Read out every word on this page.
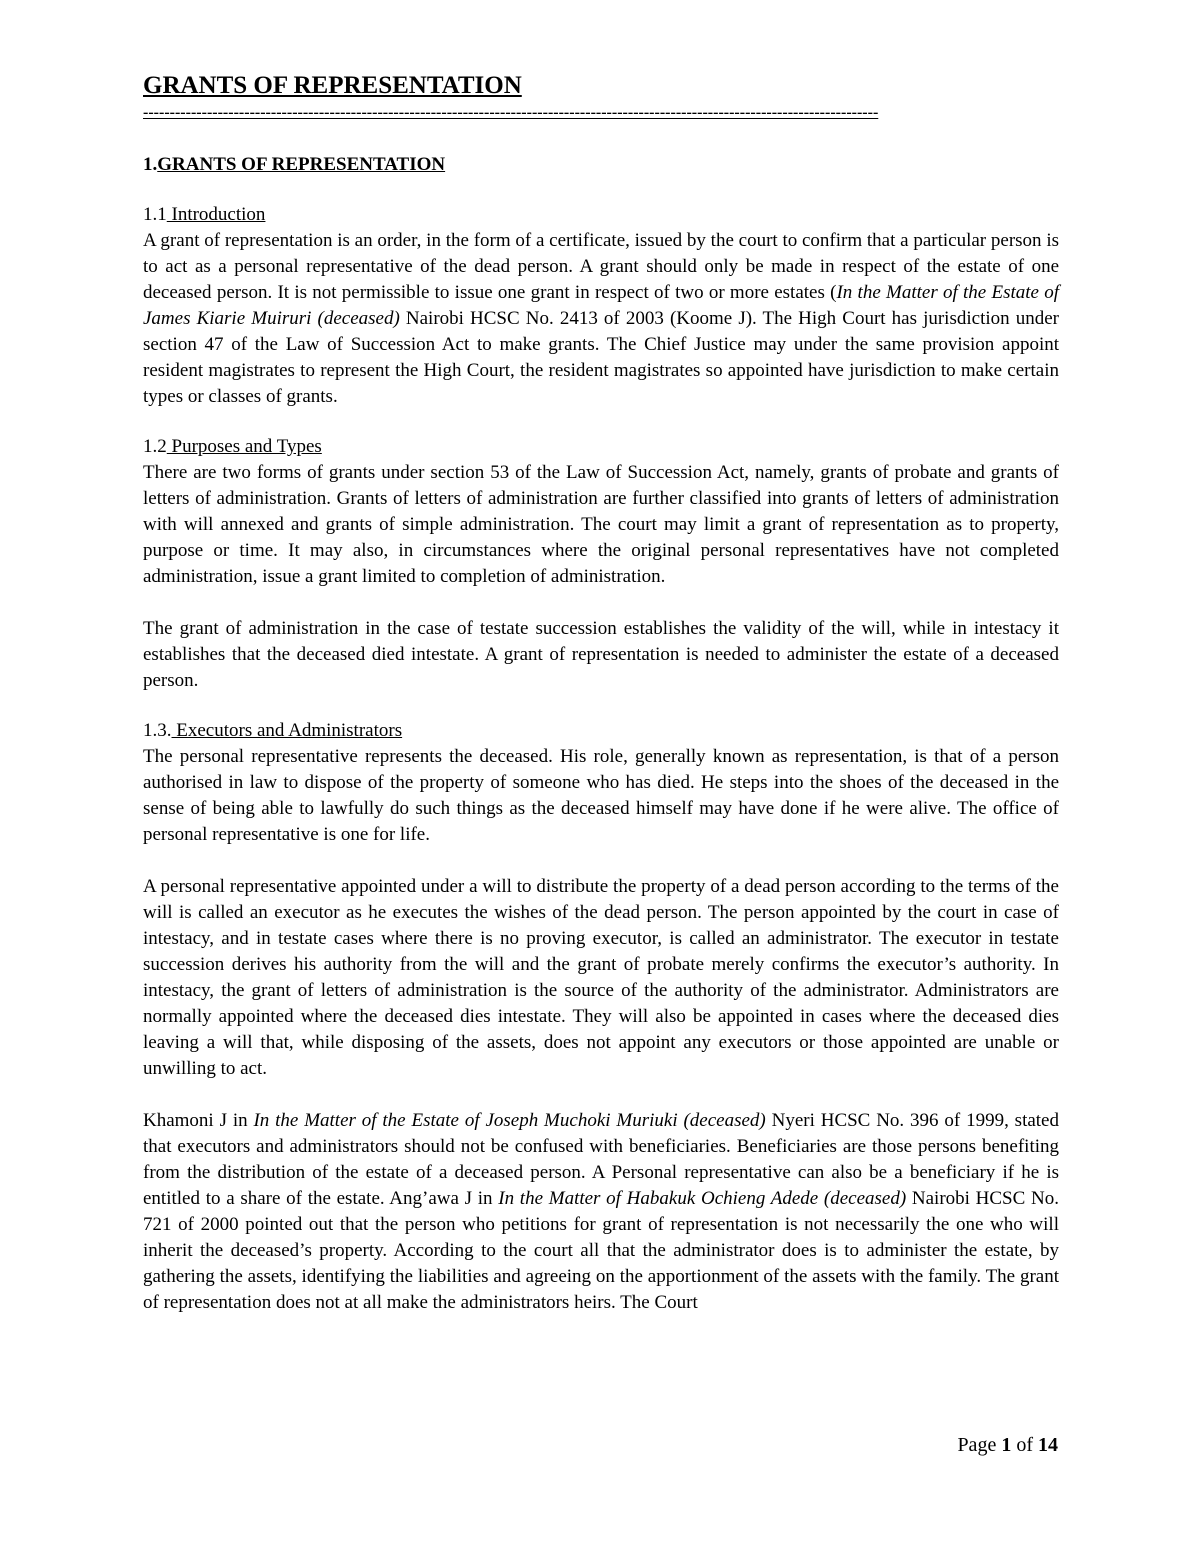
GRANTS OF REPRESENTATION
------------------------------------------------------------------------------------------------------------------------------------------
1.GRANTS OF REPRESENTATION
1.1 Introduction

A grant of representation is an order, in the form of a certificate, issued by the court to confirm that a particular person is to act as a personal representative of the dead person. A grant should only be made in respect of the estate of one deceased person. It is not permissible to issue one grant in respect of two or more estates (In the Matter of the Estate of James Kiarie Muiruri (deceased) Nairobi HCSC No. 2413 of 2003 (Koome J). The High Court has jurisdiction under section 47 of the Law of Succession Act to make grants. The Chief Justice may under the same provision appoint resident magistrates to represent the High Court, the resident magistrates so appointed have jurisdiction to make certain types or classes of grants.

1.2 Purposes and Types

There are two forms of grants under section 53 of the Law of Succession Act, namely, grants of probate and grants of letters of administration. Grants of letters of administration are further classified into grants of letters of administration with will annexed and grants of simple administration. The court may limit a grant of representation as to property, purpose or time. It may also, in circumstances where the original personal representatives have not completed administration, issue a grant limited to completion of administration.

The grant of administration in the case of testate succession establishes the validity of the will, while in intestacy it establishes that the deceased died intestate. A grant of representation is needed to administer the estate of a deceased person.

1.3. Executors and Administrators

The personal representative represents the deceased. His role, generally known as representation, is that of a person authorised in law to dispose of the property of someone who has died. He steps into the shoes of the deceased in the sense of being able to lawfully do such things as the deceased himself may have done if he were alive. The office of personal representative is one for life.

A personal representative appointed under a will to distribute the property of a dead person according to the terms of the will is called an executor as he executes the wishes of the dead person. The person appointed by the court in case of intestacy, and in testate cases where there is no proving executor, is called an administrator. The executor in testate succession derives his authority from the will and the grant of probate merely confirms the executor’s authority. In intestacy, the grant of letters of administration is the source of the authority of the administrator. Administrators are normally appointed where the deceased dies intestate. They will also be appointed in cases where the deceased dies leaving a will that, while disposing of the assets, does not appoint any executors or those appointed are unable or unwilling to act.

Khamoni J in In the Matter of the Estate of Joseph Muchoki Muriuki (deceased) Nyeri HCSC No. 396 of 1999, stated that executors and administrators should not be confused with beneficiaries. Beneficiaries are those persons benefiting from the distribution of the estate of a deceased person. A Personal representative can also be a beneficiary if he is entitled to a share of the estate. Ang’awa J in In the Matter of Habakuk Ochieng Adede (deceased) Nairobi HCSC No. 721 of 2000 pointed out that the person who petitions for grant of representation is not necessarily the one who will inherit the deceased’s property. According to the court all that the administrator does is to administer the estate, by gathering the assets, identifying the liabilities and agreeing on the apportionment of the assets with the family. The grant of representation does not at all make the administrators heirs. The Court

Page 1 of 14
